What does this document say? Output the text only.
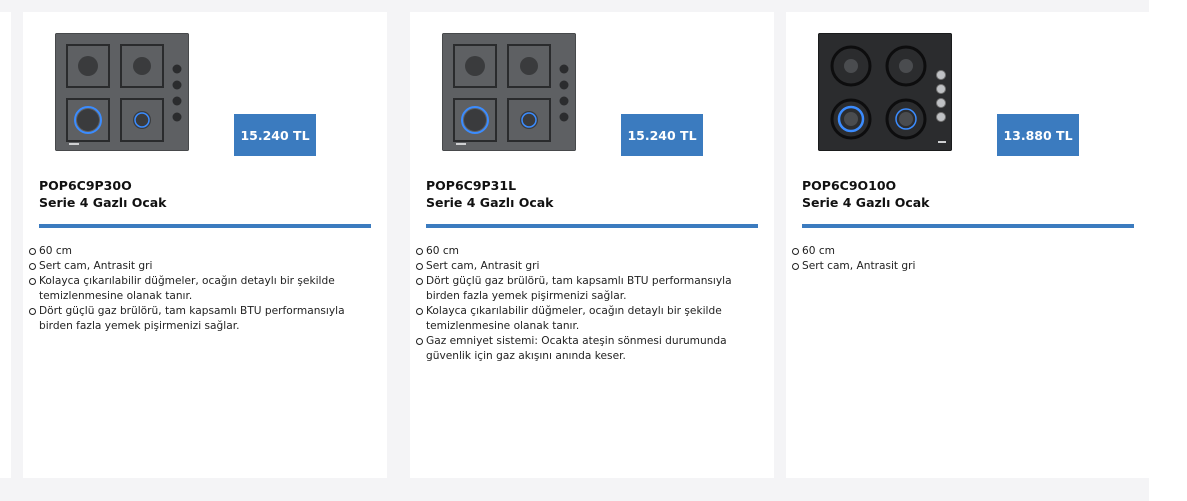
15.240 TL
POP6C9P30O
Serie 4 Gazlı Ocak
60 cm
Sert cam, Antrasit gri
Kolayca çıkarılabilir düğmeler, ocağın detaylı bir şekilde temizlenmesine olanak tanır.
Dört güçlü gaz brülörü, tam kapsamlı BTU performansıyla birden fazla yemek pişirmenizi sağlar.
15.240 TL
POP6C9P31L
Serie 4 Gazlı Ocak
60 cm
Sert cam, Antrasit gri
Dört güçlü gaz brülörü, tam kapsamlı BTU performansıyla birden fazla yemek pişirmenizi sağlar.
Kolayca çıkarılabilir düğmeler, ocağın detaylı bir şekilde temizlenmesine olanak tanır.
Gaz emniyet sistemi: Ocakta ateşin sönmesi durumunda güvenlik için gaz akışını anında keser.
13.880 TL
POP6C9O10O
Serie 4 Gazlı Ocak
60 cm
Sert cam, Antrasit gri
